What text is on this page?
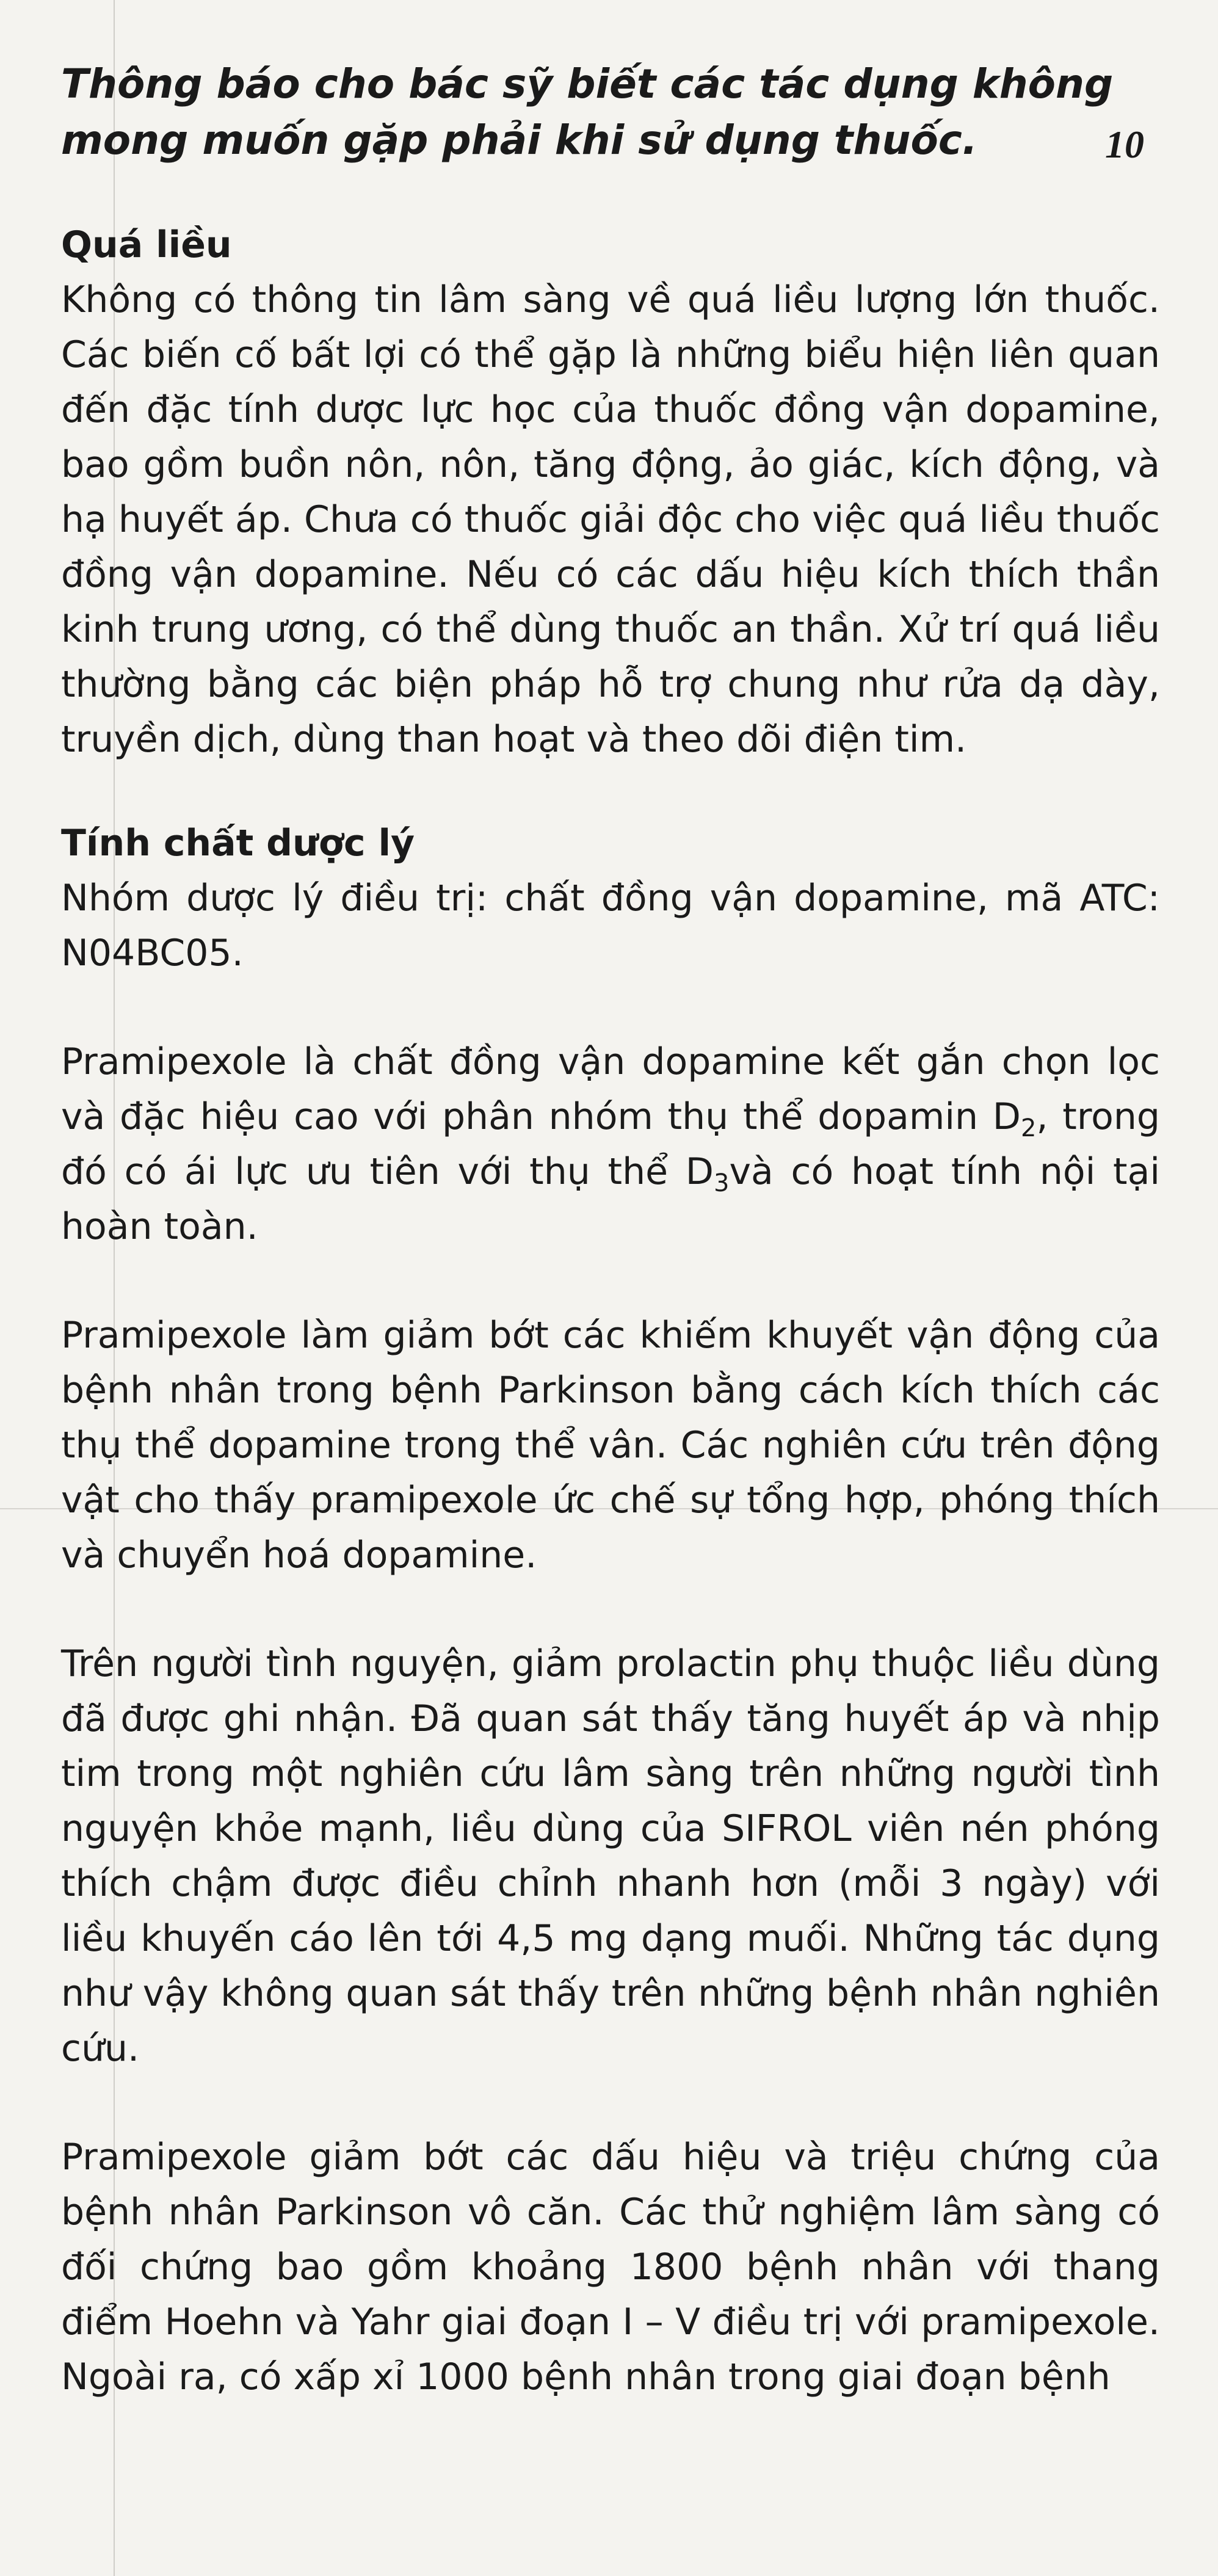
Thông báo cho bác sỹ biết các tác dụng không mong muốn gặp phải khi sử dụng thuốc.

Quá liều

Không có thông tin lâm sàng về quá liều lượng lớn thuốc. Các biến cố bất lợi có thể gặp là những biểu hiện liên quan đến đặc tính dược lực học của thuốc đồng vận dopamine, bao gồm buồn nôn, nôn, tăng động, ảo giác, kích động, và hạ huyết áp. Chưa có thuốc giải độc cho việc quá liều thuốc đồng vận dopamine. Nếu có các dấu hiệu kích thích thần kinh trung ương, có thể dùng thuốc an thần. Xử trí quá liều thường bằng các biện pháp hỗ trợ chung như rửa dạ dày, truyền dịch, dùng than hoạt và theo dõi điện tim.

Tính chất dược lý

Nhóm dược lý điều trị: chất đồng vận dopamine, mã ATC: N04BC05.

Pramipexole là chất đồng vận dopamine kết gắn chọn lọc và đặc hiệu cao với phân nhóm thụ thể dopamin $D_2$, trong đó có ái lực ưu tiên với thụ thể $D_3và$ có hoạt tính nội tại hoàn toàn.

Pramipexole làm giảm bớt các khiếm khuyết vận động của bệnh nhân trong bệnh Parkinson bằng cách kích thích các thụ thể dopamine trong thể vân. Các nghiên cứu trên động vật cho thấy pramipexole ức chế sự tổng hợp, phóng thích và chuyển hoá dopamine.

Trên người tình nguyện, giảm prolactin phụ thuộc liều dùng đã được ghi nhận. Đã quan sát thấy tăng huyết áp và nhịp tim trong một nghiên cứu lâm sàng trên những người tình nguyện khỏe mạnh, liều dùng của SIFROL viên nén phóng thích chậm được điều chỉnh nhanh hơn (mỗi 3 ngày) với liều khuyến cáo lên tới 4,5 mg dạng muối. Những tác dụng như vậy không quan sát thấy trên những bệnh nhân nghiên cứu.

Pramipexole giảm bớt các dấu hiệu và triệu chứng của bệnh nhân Parkinson vô căn. Các thử nghiệm lâm sàng có đối chứng bao gồm khoảng 1800 bệnh nhân với thang điểm Hoehn và Yahr giai đoạn I – V điều trị với pramipexole. Ngoài ra, có xấp xỉ 1000 bệnh nhân trong giai đoạn bệnh

10
